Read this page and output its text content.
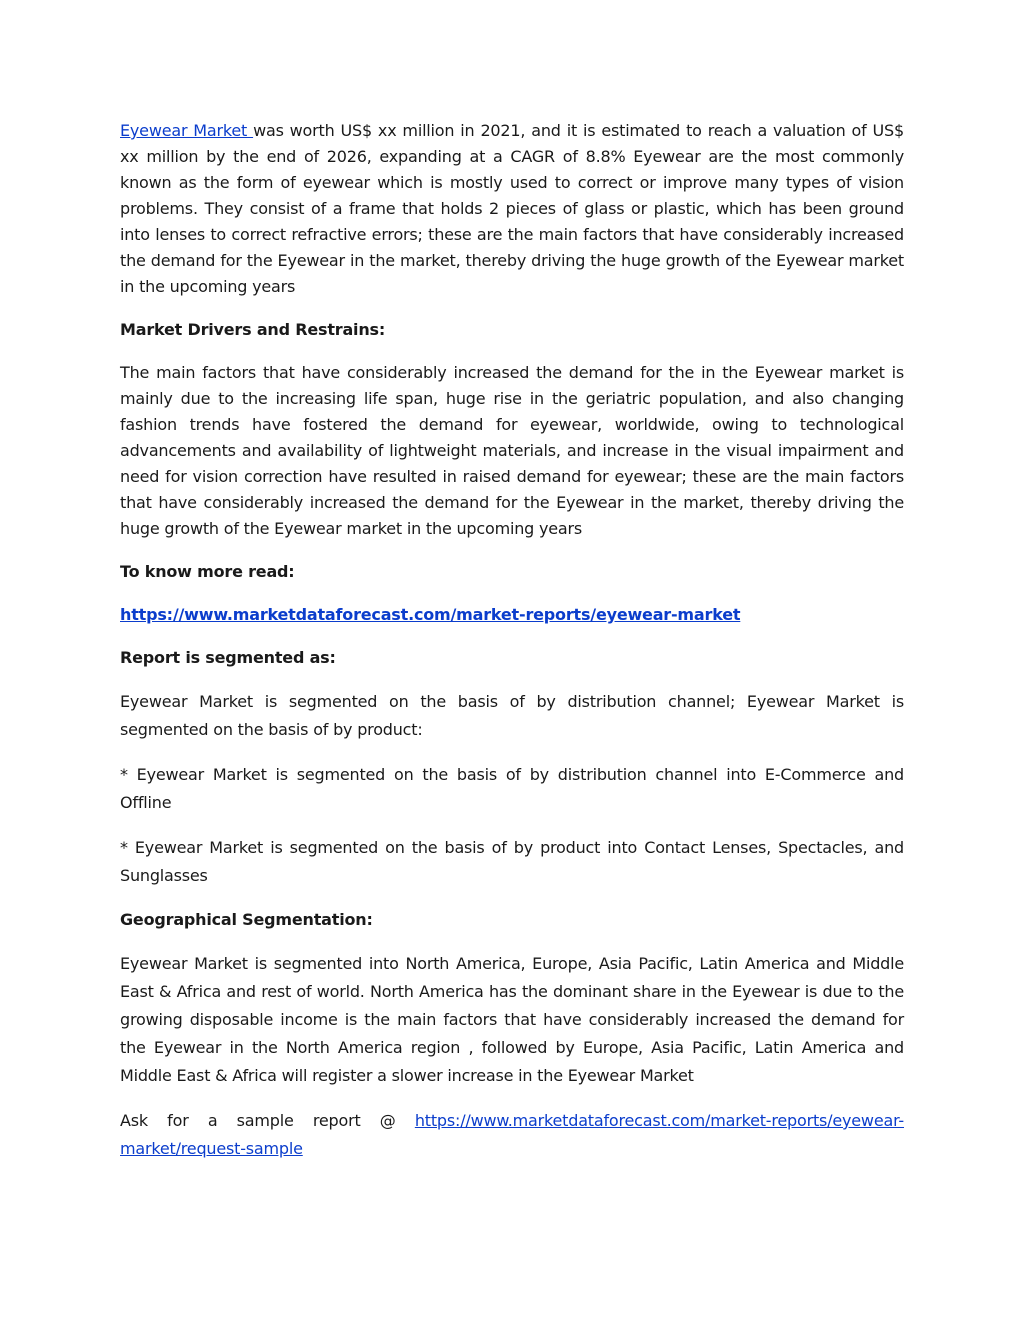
Eyewear Market was worth US$ xx million in 2021, and it is estimated to reach a valuation of US$ xx million by the end of 2026, expanding at a CAGR of 8.8% Eyewear are the most commonly known as the form of eyewear which is mostly used to correct or improve many types of vision problems. They consist of a frame that holds 2 pieces of glass or plastic, which has been ground into lenses to correct refractive errors; these are the main factors that have considerably increased the demand for the Eyewear in the market, thereby driving the huge growth of the Eyewear market in the upcoming years

Market Drivers and Restrains:

The main factors that have considerably increased the demand for the in the Eyewear market is mainly due to the increasing life span, huge rise in the geriatric population, and also changing fashion trends have fostered the demand for eyewear, worldwide, owing to technological advancements and availability of lightweight materials, and increase in the visual impairment and need for vision correction have resulted in raised demand for eyewear; these are the main factors that have considerably increased the demand for the Eyewear in the market, thereby driving the huge growth of the Eyewear market in the upcoming years

To know more read:

https://www.marketdataforecast.com/market-reports/eyewear-market

Report is segmented as:

Eyewear Market is segmented on the basis of by distribution channel; Eyewear Market is segmented on the basis of by product:

* Eyewear Market is segmented on the basis of by distribution channel into E-Commerce and Offline

* Eyewear Market is segmented on the basis of by product into Contact Lenses, Spectacles, and Sunglasses

Geographical Segmentation:

Eyewear Market is segmented into North America, Europe, Asia Pacific, Latin America and Middle East & Africa and rest of world. North America has the dominant share in the Eyewear is due to the growing disposable income is the main factors that have considerably increased the demand for the Eyewear in the North America region , followed by Europe, Asia Pacific, Latin America and Middle East & Africa will register a slower increase in the Eyewear Market

Ask for a sample report @ https://www.marketdataforecast.com/market-reports/eyewear-market/request-sample
